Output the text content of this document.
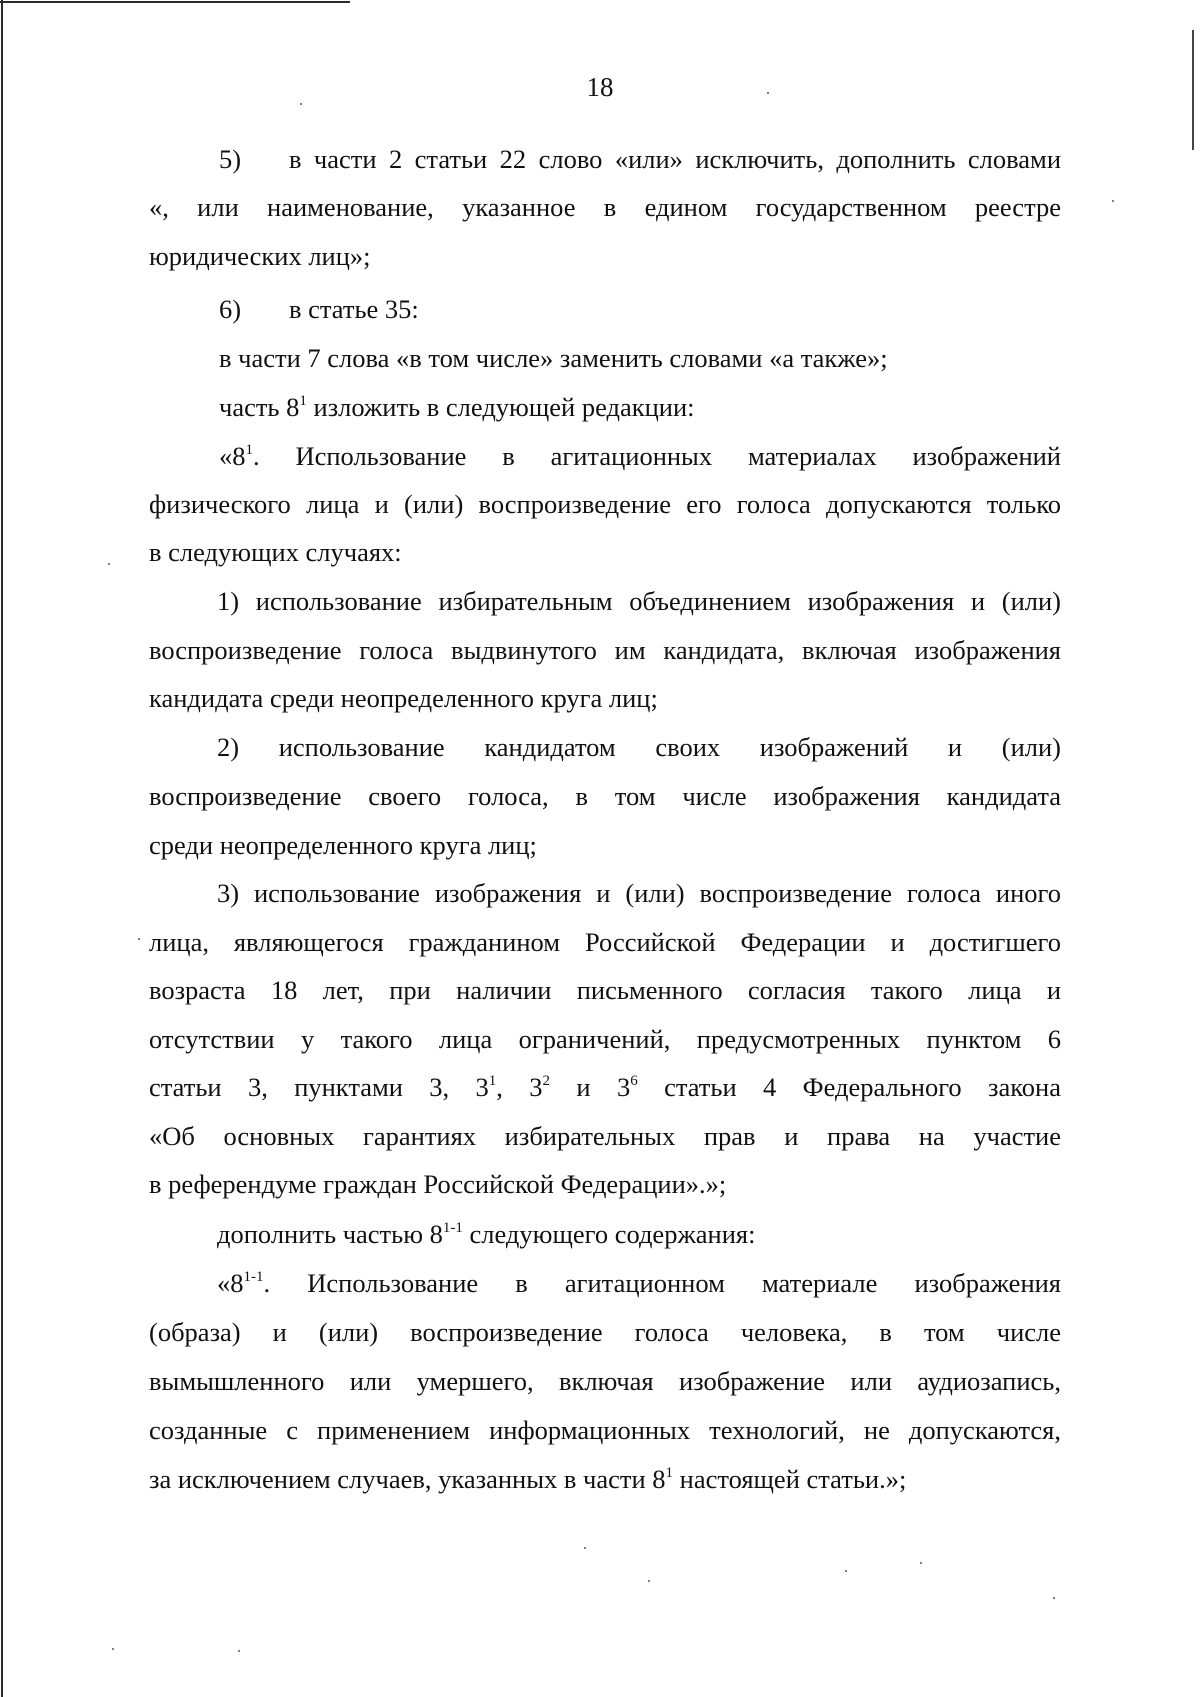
18
5) в части 2 статьи 22 слово «или» исключить, дополнить словами
«, или наименование, указанное в едином государственном реестре
юридических лиц»;
6) в статье 35:
в части 7 слова «в том числе» заменить словами «а также»;
часть $8^1$ изложить в следующей редакции:
«$8^1$. Использование в агитационных материалах изображений
физического лица и (или) воспроизведение его голоса допускаются только
в следующих случаях:
1) использование избирательным объединением изображения и (или)
воспроизведение голоса выдвинутого им кандидата, включая изображения
кандидата среди неопределенного круга лиц;
2) использование кандидатом своих изображений и (или)
воспроизведение своего голоса, в том числе изображения кандидата
среди неопределенного круга лиц;
3) использование изображения и (или) воспроизведение голоса иного
лица, являющегося гражданином Российской Федерации и достигшего
возраста 18 лет, при наличии письменного согласия такого лица и
отсутствии у такого лица ограничений, предусмотренных пунктом 6
статьи 3, пунктами 3, $3^1$, $3^2$ и $3^6$ статьи 4 Федерального закона
«Об основных гарантиях избирательных прав и права на участие
в референдуме граждан Российской Федерации».»;
дополнить частью 8$^{1-1}$ следующего содержания:
«8$^{1-1}$. Использование в агитационном материале изображения
(образа) и (или) воспроизведение голоса человека, в том числе
вымышленного или умершего, включая изображение или аудиозапись,
созданные с применением информационных технологий, не допускаются,
за исключением случаев, указанных в части $8^1$ настоящей статьи.»;
